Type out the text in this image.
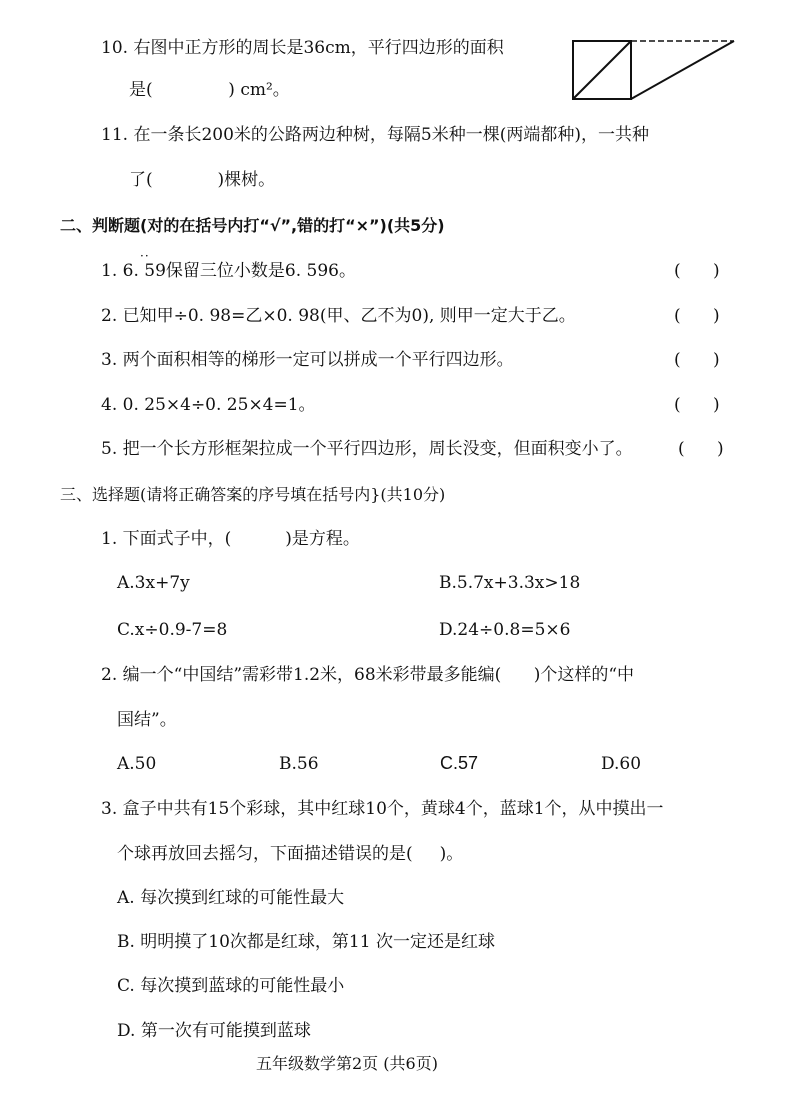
10. 右图中正方形的周长是36cm，平行四边形的面积
是(              ) cm²。
11. 在一条长200米的公路两边种树，每隔5米种一棵(两端都种)，一共种
了(            )棵树。
二、判断题(对的在括号内打“√”,错的打“×”)(共5分)
··
1. 6. 59保留三位小数是6. 596。	(      )
2. 已知甲÷0. 98=乙×0. 98(甲、乙不为0), 则甲一定大于乙。	(      )
3. 两个面积相等的梯形一定可以拼成一个平行四边形。	(      )
4. 0. 25×4÷0. 25×4=1。	(      )
5. 把一个长方形框架拉成一个平行四边形，周长没变，但面积变小了。	(      )
三、选择题(请将正确答案的序号填在括号内}(共10分)
1. 下面式子中，(          )是方程。
A.3x+7y	B.5.7x+3.3x>18
C.x÷0.9-7=8	D.24÷0.8=5×6
2. 编一个“中国结”需彩带1.2米，68米彩带最多能编(      )个这样的“中
国结”。
A.50	B.56	C.57	D.60
3. 盒子中共有15个彩球，其中红球10个，黄球4个，蓝球1个，从中摸出一
个球再放回去摇匀，下面描述错误的是(     )。
A. 每次摸到红球的可能性最大
B. 明明摸了10次都是红球，第11 次一定还是红球
C. 每次摸到蓝球的可能性最小
D. 第一次有可能摸到蓝球
五年级数学第2页 (共6页)
